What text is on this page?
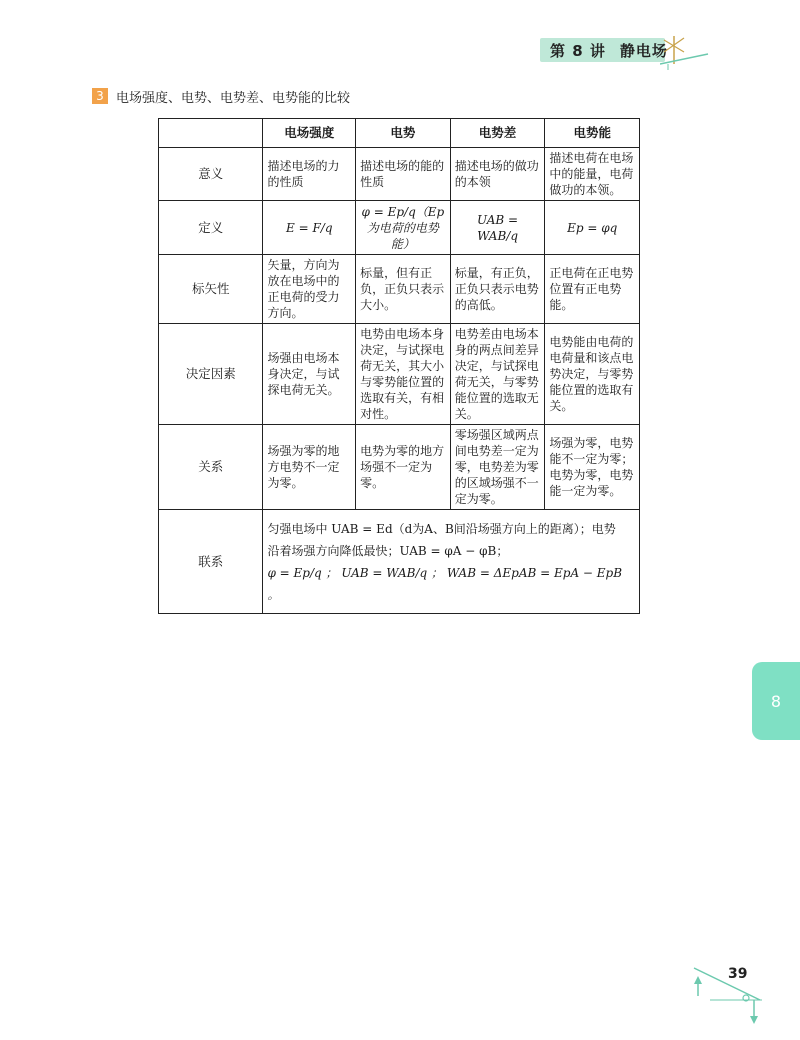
第 8 讲 静电场
3 电场强度、电势、电势差、电势能的比较
	电场强度	电势	电势差	电势能
意义	描述电场的力的性质	描述电场的能的性质	描述电场的做功的本领	描述电荷在电场中的能量，电荷做功的本领。
定义	E = F/q	φ = Ep/q（Ep为电荷的电势能）	UAB = WAB/q	Ep = φq
标矢性	矢量，方向为放在电场中的正电荷的受力方向。	标量，但有正负，正负只表示大小。	标量，有正负，正负只表示电势的高低。	正电荷在正电势位置有正电势能。
决定因素	场强由电场本身决定，与试探电荷无关。	电势由电场本身决定，与试探电荷无关，其大小与零势能位置的选取有关，有相对性。	电势差由电场本身的两点间差异决定，与试探电荷无关，与零势能位置的选取无关。	电势能由电荷的电荷量和该点电势决定，与零势能位置的选取有关。
关系	场强为零的地方电势不一定为零。	电势为零的地方场强不一定为零。	零场强区域两点间电势差一定为零，电势差为零的区域场强不一定为零。	场强为零，电势能不一定为零；电势为零，电势能一定为零。
联系	匀强电场中 UAB = Ed（d为A、B间沿场强方向上的距离）；电势
沿着场强方向降低最快；UAB = φA − φB；
φ = Ep/q ； UAB = WAB/q ； WAB = ΔEpAB = EpA − EpB 。			
8
39
